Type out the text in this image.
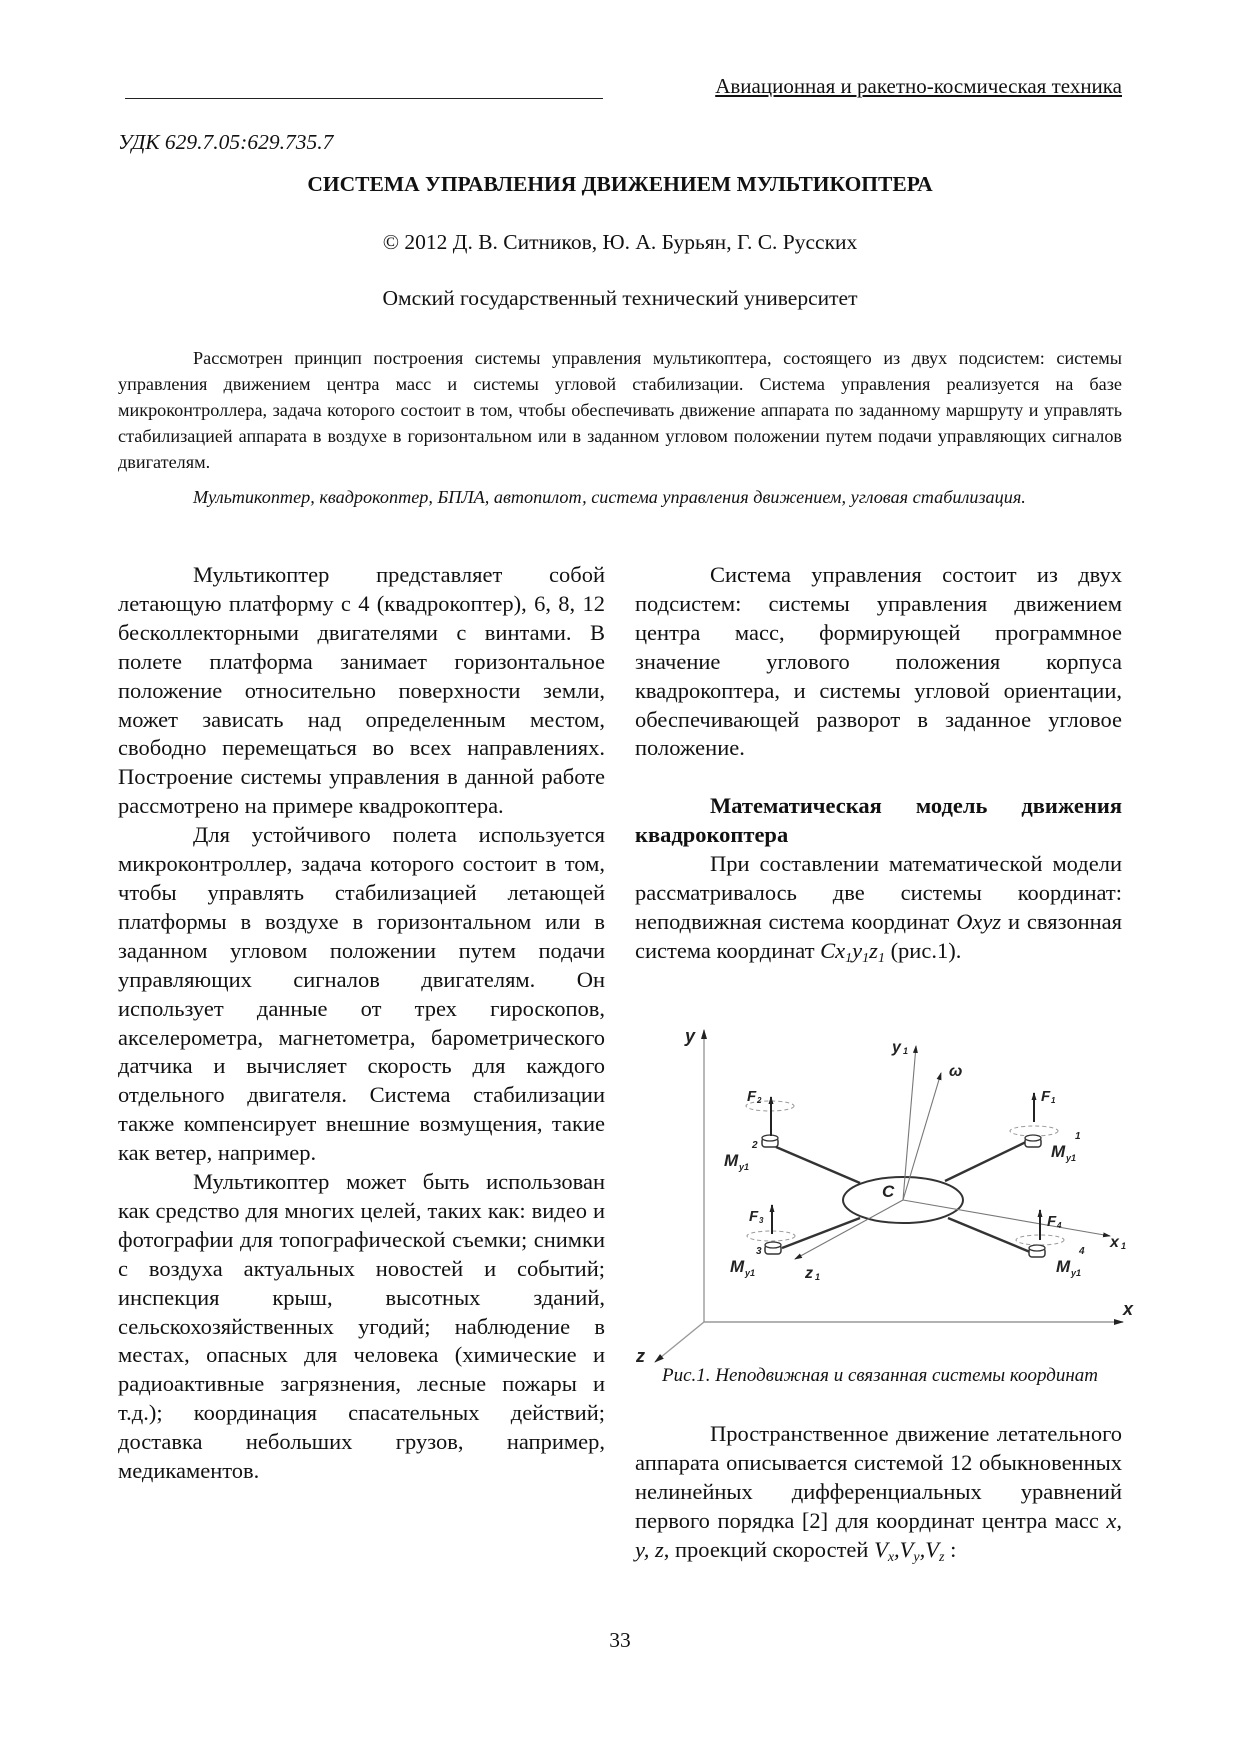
Авиационная и ракетно-космическая техника
УДК 629.7.05:629.735.7
СИСТЕМА УПРАВЛЕНИЯ ДВИЖЕНИЕМ МУЛЬТИКОПТЕРА
© 2012 Д. В. Ситников, Ю. А. Бурьян, Г. С. Русских
Омский государственный технический университет
Рассмотрен принцип построения системы управления мультикоптера, состоящего из двух подсистем: системы управления движением центра масс и системы угловой стабилизации. Система управления реализуется на базе микроконтроллера, задача которого состоит в том, чтобы обеспечивать движение аппарата по заданному маршруту и управлять стабилизацией аппарата в воздухе в горизонтальном или в заданном угловом положении путем подачи управляющих сигналов двигателям.
Мультикоптер, квадрокоптер, БПЛА, автопилот, система управления движением, угловая стабилизация.

Мультикоптер представляет собой летающую платформу с 4 (квадрокоптер), 6, 8, 12 бесколлекторными двигателями с винтами. В полете платформа занимает горизонтальное положение относительно поверхности земли, может зависать над определенным местом, свободно перемещаться во всех направлениях. Построение системы управления в данной работе рассмотрено на примере квадрокоптера.

Для устойчивого полета используется микроконтроллер, задача которого состоит в том, чтобы управлять стабилизацией летающей платформы в воздухе в горизонтальном или в заданном угловом положении путем подачи управляющих сигналов двигателям. Он использует данные от трех гироскопов, акселерометра, магнетометра, барометрического датчика и вычисляет скорость для каждого отдельного двигателя. Система стабилизации также компенсирует внешние возмущения, такие как ветер, например.

Мультикоптер может быть использован как средство для многих целей, таких как: видео и фотографии для топографической съемки; снимки с воздуха актуальных новостей и событий; инспекция крыш, высотных зданий, сельскохозяйственных угодий; наблюдение в местах, опасных для человека (химические и радиоактивные загрязнения, лесные пожары и т.д.); координация спасательных действий; доставка небольших грузов, например, медикаментов.

Система управления состоит из двух подсистем: системы управления движением центра масс, формирующей программное значение углового положения корпуса квадрокоптера, и системы угловой ориентации, обеспечивающей разворот в заданное угловое положение.

Математическая модель движения квадрокоптера

При составлении математической модели рассматривалось две системы координат: неподвижная система координат Oxyz и связонная система координат $Cx_1y_1z_1$ (рис.1).

y
x
z
y 1
ω
x 1
z 1
C
F 2	F 1
F 3	F 4
M y1
2	M y1
1
M y1
3
M y1
4
Рис.1. Неподвижная и связанная системы координат

Пространственное движение летательного аппарата описывается системой 12 обыкновенных нелинейных дифференциальных уравнений первого порядка [2] для координат центра масс x, y, z, проекций скоростей $V_x,V_y,V_z$ :

33
